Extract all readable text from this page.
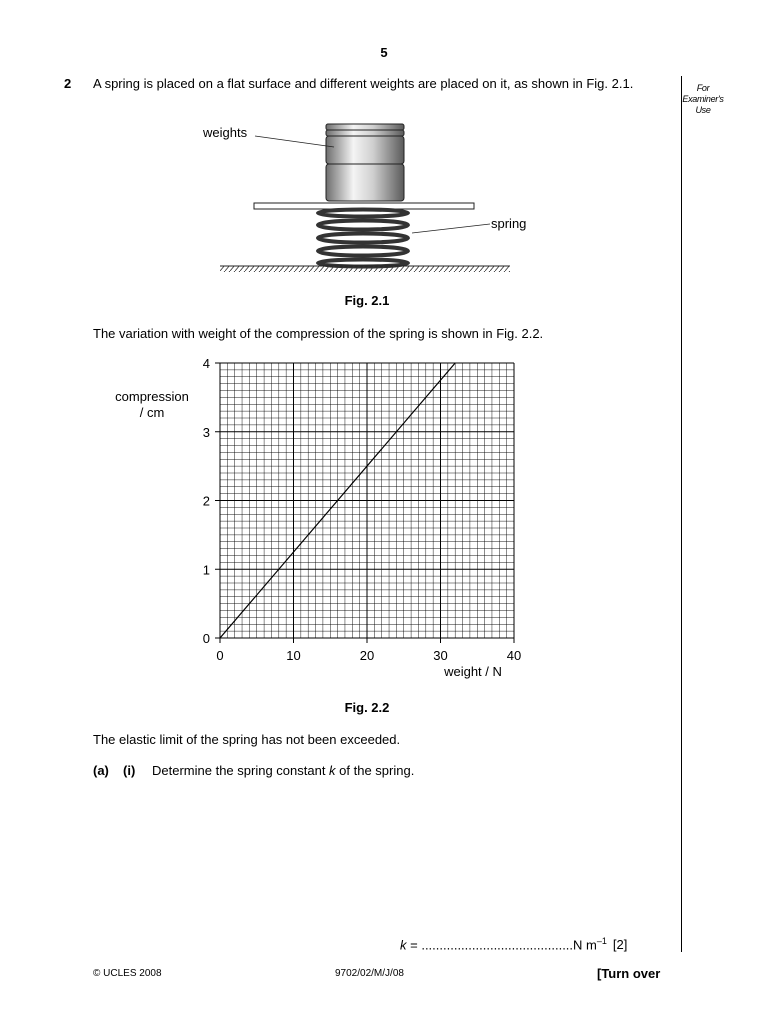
5
2 A spring is placed on a flat surface and different weights are placed on it, as shown in Fig. 2.1.	For Examiner's Use
weights
spring
Fig. 2.1
The variation with weight of the compression of the spring is shown in Fig. 2.2.
0	10	20	30	40
0
1
2
3
4
compression
/ cm
weight / N
Fig. 2.2
The elastic limit of the spring has not been exceeded.
(a) (i) Determine the spring constant k of the spring.
k = ..........................................N $m^{-1}$ [2]
© UCLES 2008	9702/02/M/J/08	[Turn over
